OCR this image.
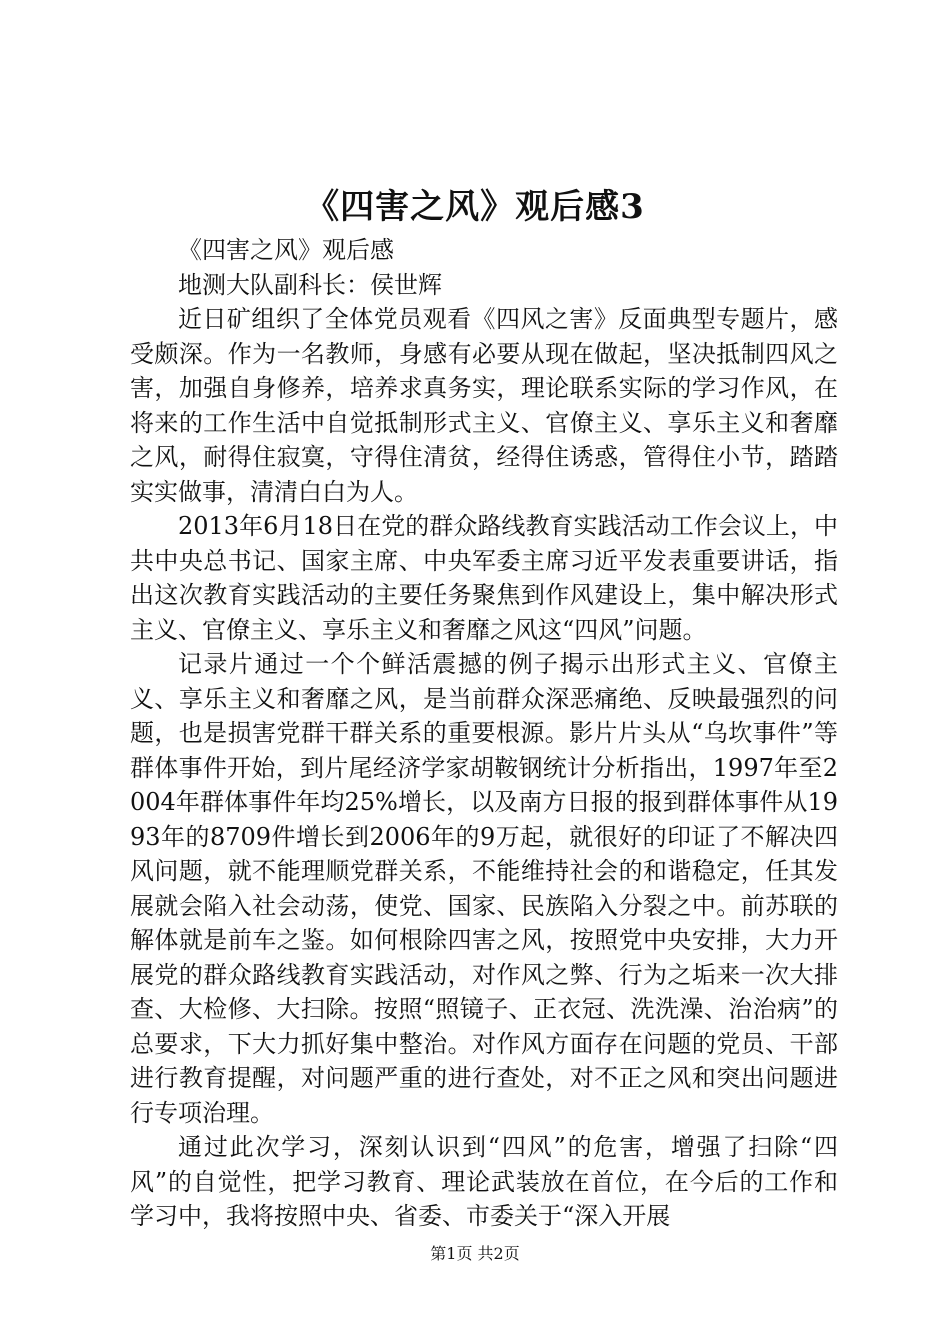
《四害之风》观后感3

《四害之风》观后感

地测大队副科长：侯世辉

近日矿组织了全体党员观看《四风之害》反面典型专题片，感受颇深。作为一名教师，身感有必要从现在做起，坚决抵制四风之害，加强自身修养，培养求真务实，理论联系实际的学习作风，在将来的工作生活中自觉抵制形式主义、官僚主义、享乐主义和奢靡之风，耐得住寂寞，守得住清贫，经得住诱惑，管得住小节，踏踏实实做事，清清白白为人。

2013年6月18日在党的群众路线教育实践活动工作会议上，中共中央总书记、国家主席、中央军委主席习近平发表重要讲话，指出这次教育实践活动的主要任务聚焦到作风建设上，集中解决形式主义、官僚主义、享乐主义和奢靡之风这“四风”问题。

记录片通过一个个鲜活震撼的例子揭示出形式主义、官僚主义、享乐主义和奢靡之风，是当前群众深恶痛绝、反映最强烈的问题，也是损害党群干群关系的重要根源。影片片头从“乌坎事件”等群体事件开始，到片尾经济学家胡鞍钢统计分析指出，1997年至2004年群体事件年均25%增长，以及南方日报的报到群体事件从1993年的8709件增长到2006年的9万起，就很好的印证了不解决四风问题，就不能理顺党群关系，不能维持社会的和谐稳定，任其发展就会陷入社会动荡，使党、国家、民族陷入分裂之中。前苏联的解体就是前车之鉴。如何根除四害之风，按照党中央安排，大力开展党的群众路线教育实践活动，对作风之弊、行为之垢来一次大排查、大检修、大扫除。按照“照镜子、正衣冠、洗洗澡、治治病”的总要求，下大力抓好集中整治。对作风方面存在问题的党员、干部进行教育提醒，对问题严重的进行查处，对不正之风和突出问题进行专项治理。

通过此次学习，深刻认识到“四风”的危害，增强了扫除“四风”的自觉性，把学习教育、理论武装放在首位，在今后的工作和学习中，我将按照中央、省委、市委关于“深入开展

第1页 共2页
